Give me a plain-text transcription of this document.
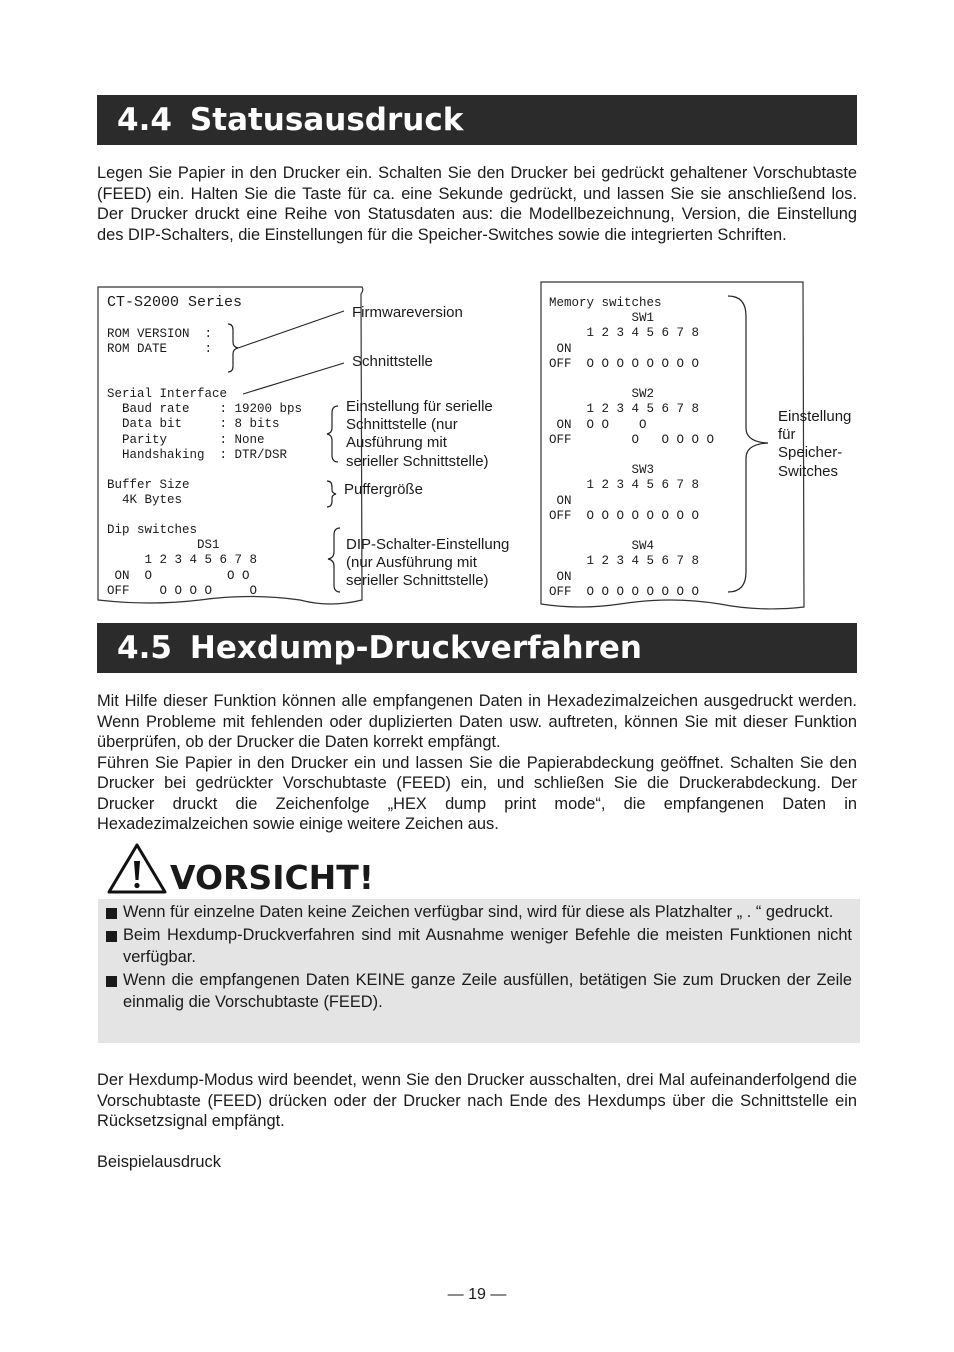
4.4 Statusausdruck

Legen Sie Papier in den Drucker ein. Schalten Sie den Drucker bei gedrückt gehaltener Vorschubtaste (FEED) ein. Halten Sie die Taste für ca. eine Sekunde gedrückt, und lassen Sie sie anschließend los. Der Drucker druckt eine Reihe von Statusdaten aus: die Modellbezeichnung, Version, die Einstellung des DIP-Schalters, die Einstellungen für die Speicher-Switches sowie die integrierten Schriften.

CT-S2000 Series
ROM VERSION  :
ROM DATE     :
Serial Interface
Baud rate    : 19200 bps
Data bit     : 8 bits
Parity       : None
Handshaking  : DTR/DSR
Buffer Size
4K Bytes
Dip switches
DS1
1 2 3 4 5 6 7 8
ON  O          O O
OFF    O O O O     O
Memory switches
SW1
1 2 3 4 5 6 7 8
ON
OFF  O O O O O O O O

SW2
1 2 3 4 5 6 7 8
ON  O O    O
OFF        O   O O O O

SW3
1 2 3 4 5 6 7 8
ON
OFF  O O O O O O O O

SW4
1 2 3 4 5 6 7 8
ON
OFF  O O O O O O O O
Firmwareversion
Schnittstelle
Einstellung für serielle
Schnittstelle (nur
Ausführung mit
serieller Schnittstelle)
Puffergröße
DIP-Schalter-Einstellung
(nur Ausführung mit
serieller Schnittstelle)
Einstellung
für
Speicher-
Switches
4.5 Hexdump-Druckverfahren

Mit Hilfe dieser Funktion können alle empfangenen Daten in Hexadezimalzeichen ausgedruckt werden. Wenn Probleme mit fehlenden oder duplizierten Daten usw. auftreten, können Sie mit dieser Funktion überprüfen, ob der Drucker die Daten korrekt empfängt.

Führen Sie Papier in den Drucker ein und lassen Sie die Papierabdeckung geöffnet. Schalten Sie den Drucker bei gedrückter Vorschubtaste (FEED) ein, und schließen Sie die Druckerabdeckung. Der Drucker druckt die Zeichenfolge „HEX dump print mode“, die empfangenen Daten in Hexadezimalzeichen sowie einige weitere Zeichen aus.

VORSICHT!
Wenn für einzelne Daten keine Zeichen verfügbar sind, wird für diese als Platzhalter „ . “ gedruckt.
Beim Hexdump-Druckverfahren sind mit Ausnahme weniger Befehle die meisten Funktionen nicht verfügbar.
Wenn die empfangenen Daten KEINE ganze Zeile ausfüllen, betätigen Sie zum Drucken der Zeile einmalig die Vorschubtaste (FEED).

Der Hexdump-Modus wird beendet, wenn Sie den Drucker ausschalten, drei Mal aufeinanderfolgend die Vorschubtaste (FEED) drücken oder der Drucker nach Ende des Hexdumps über die Schnittstelle ein Rücksetzsignal empfängt.

Beispielausdruck

— 19 —
